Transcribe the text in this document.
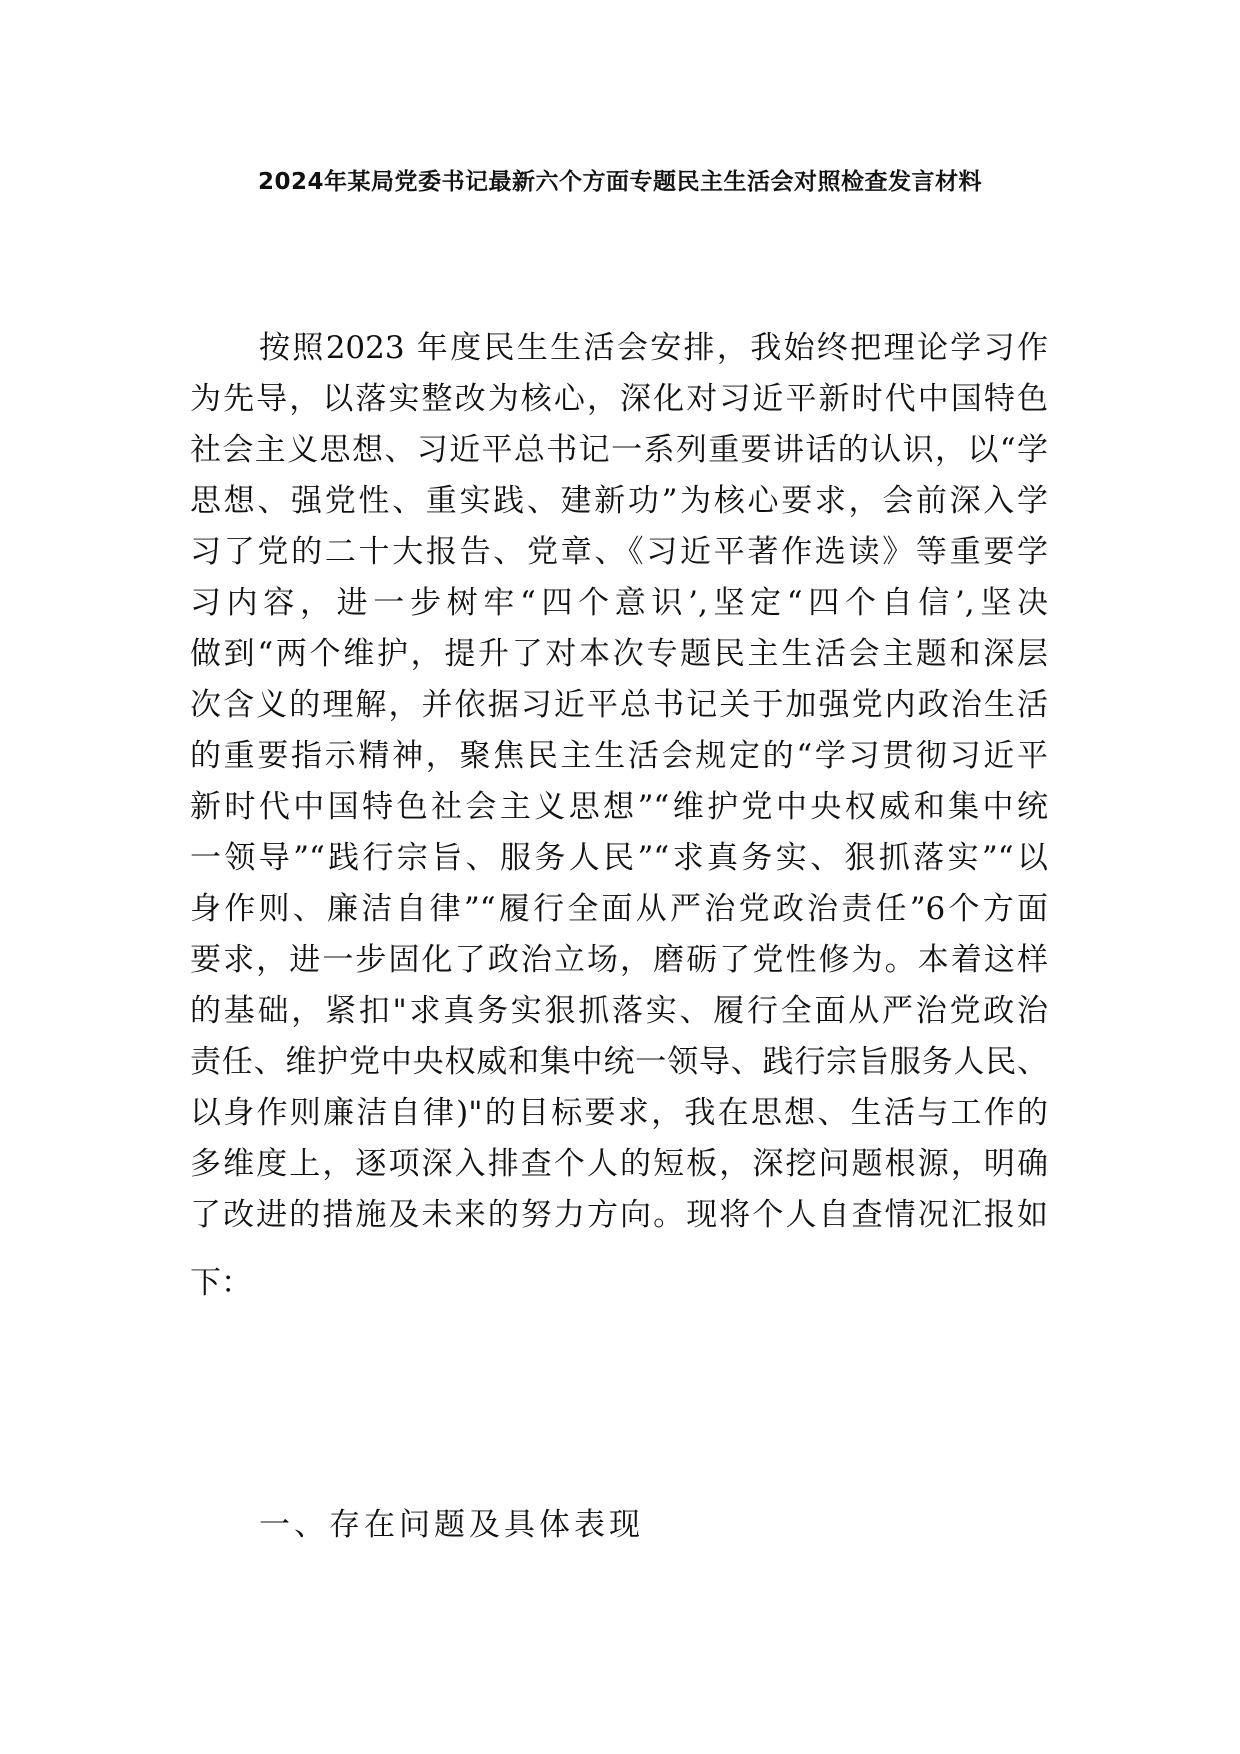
2024年某局党委书记最新六个方面专题民主生活会对照检查发言材料
按照2023 年度民生生活会安排，我始终把理论学习作
为先导，以落实整改为核心，深化对习近平新时代中国特色
社会主义思想、习近平总书记一系列重要讲话的认识，以“学
思想、强党性、重实践、建新功”为核心要求，会前深入学
习了党的二十大报告、党章、《习近平著作选读》等重要学
习内容，进一步树牢“四个意识’,坚定“四个自信’,坚决
做到“两个维护，提升了对本次专题民主生活会主题和深层
次含义的理解，并依据习近平总书记关于加强党内政治生活
的重要指示精神，聚焦民主生活会规定的“学习贯彻习近平
新时代中国特色社会主义思想”“维护党中央权威和集中统
一领导”“践行宗旨、服务人民”“求真务实、狠抓落实”“以
身作则、廉洁自律”“履行全面从严治党政治责任”6个方面
要求，进一步固化了政治立场，磨砺了党性修为。本着这样
的基础，紧扣"求真务实狠抓落实、履行全面从严治党政治
责任、维护党中央权威和集中统一领导、践行宗旨服务人民、
以身作则廉洁自律)"的目标要求，我在思想、生活与工作的
多维度上，逐项深入排查个人的短板，深挖问题根源，明确
了改进的措施及未来的努力方向。现将个人自查情况汇报如
下：
一、存在问题及具体表现
